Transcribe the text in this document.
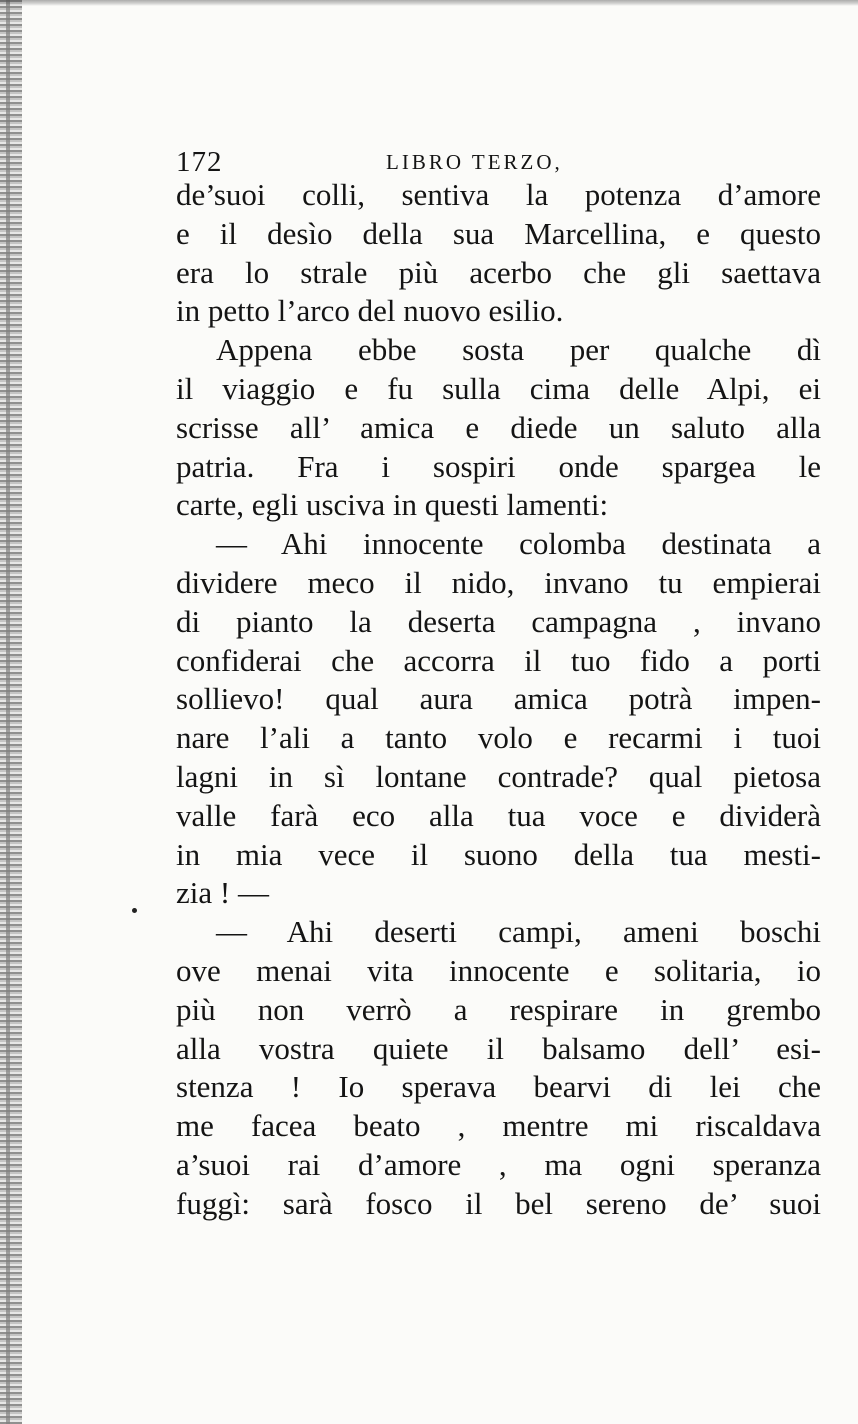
172	LIBRO TERZO,
de’suoi colli, sentiva la potenza d’amore
e il desìo della sua Marcellina, e questo
era lo strale più acerbo che gli saettava
in petto l’arco del nuovo esilio.
Appena ebbe sosta per qualche dì
il viaggio e fu sulla cima delle Alpi, ei
scrisse all’ amica e diede un saluto alla
patria. Fra i sospiri onde spargea le
carte, egli usciva in questi lamenti:
— Ahi innocente colomba destinata a
dividere meco il nido, invano tu empierai
di pianto la deserta campagna , invano
confiderai che accorra il tuo fido a porti
sollievo! qual aura amica potrà impen-
nare l’ali a tanto volo e recarmi i tuoi
lagni in sì lontane contrade? qual pietosa
valle farà eco alla tua voce e dividerà
in mia vece il suono della tua mesti-
zia ! —
— Ahi deserti campi, ameni boschi
ove menai vita innocente e solitaria, io
più non verrò a respirare in grembo
alla vostra quiete il balsamo dell’ esi-
stenza ! Io sperava bearvi di lei che
me facea beato , mentre mi riscaldava
a’suoi rai d’amore , ma ogni speranza
fuggì: sarà fosco il bel sereno de’ suoi
